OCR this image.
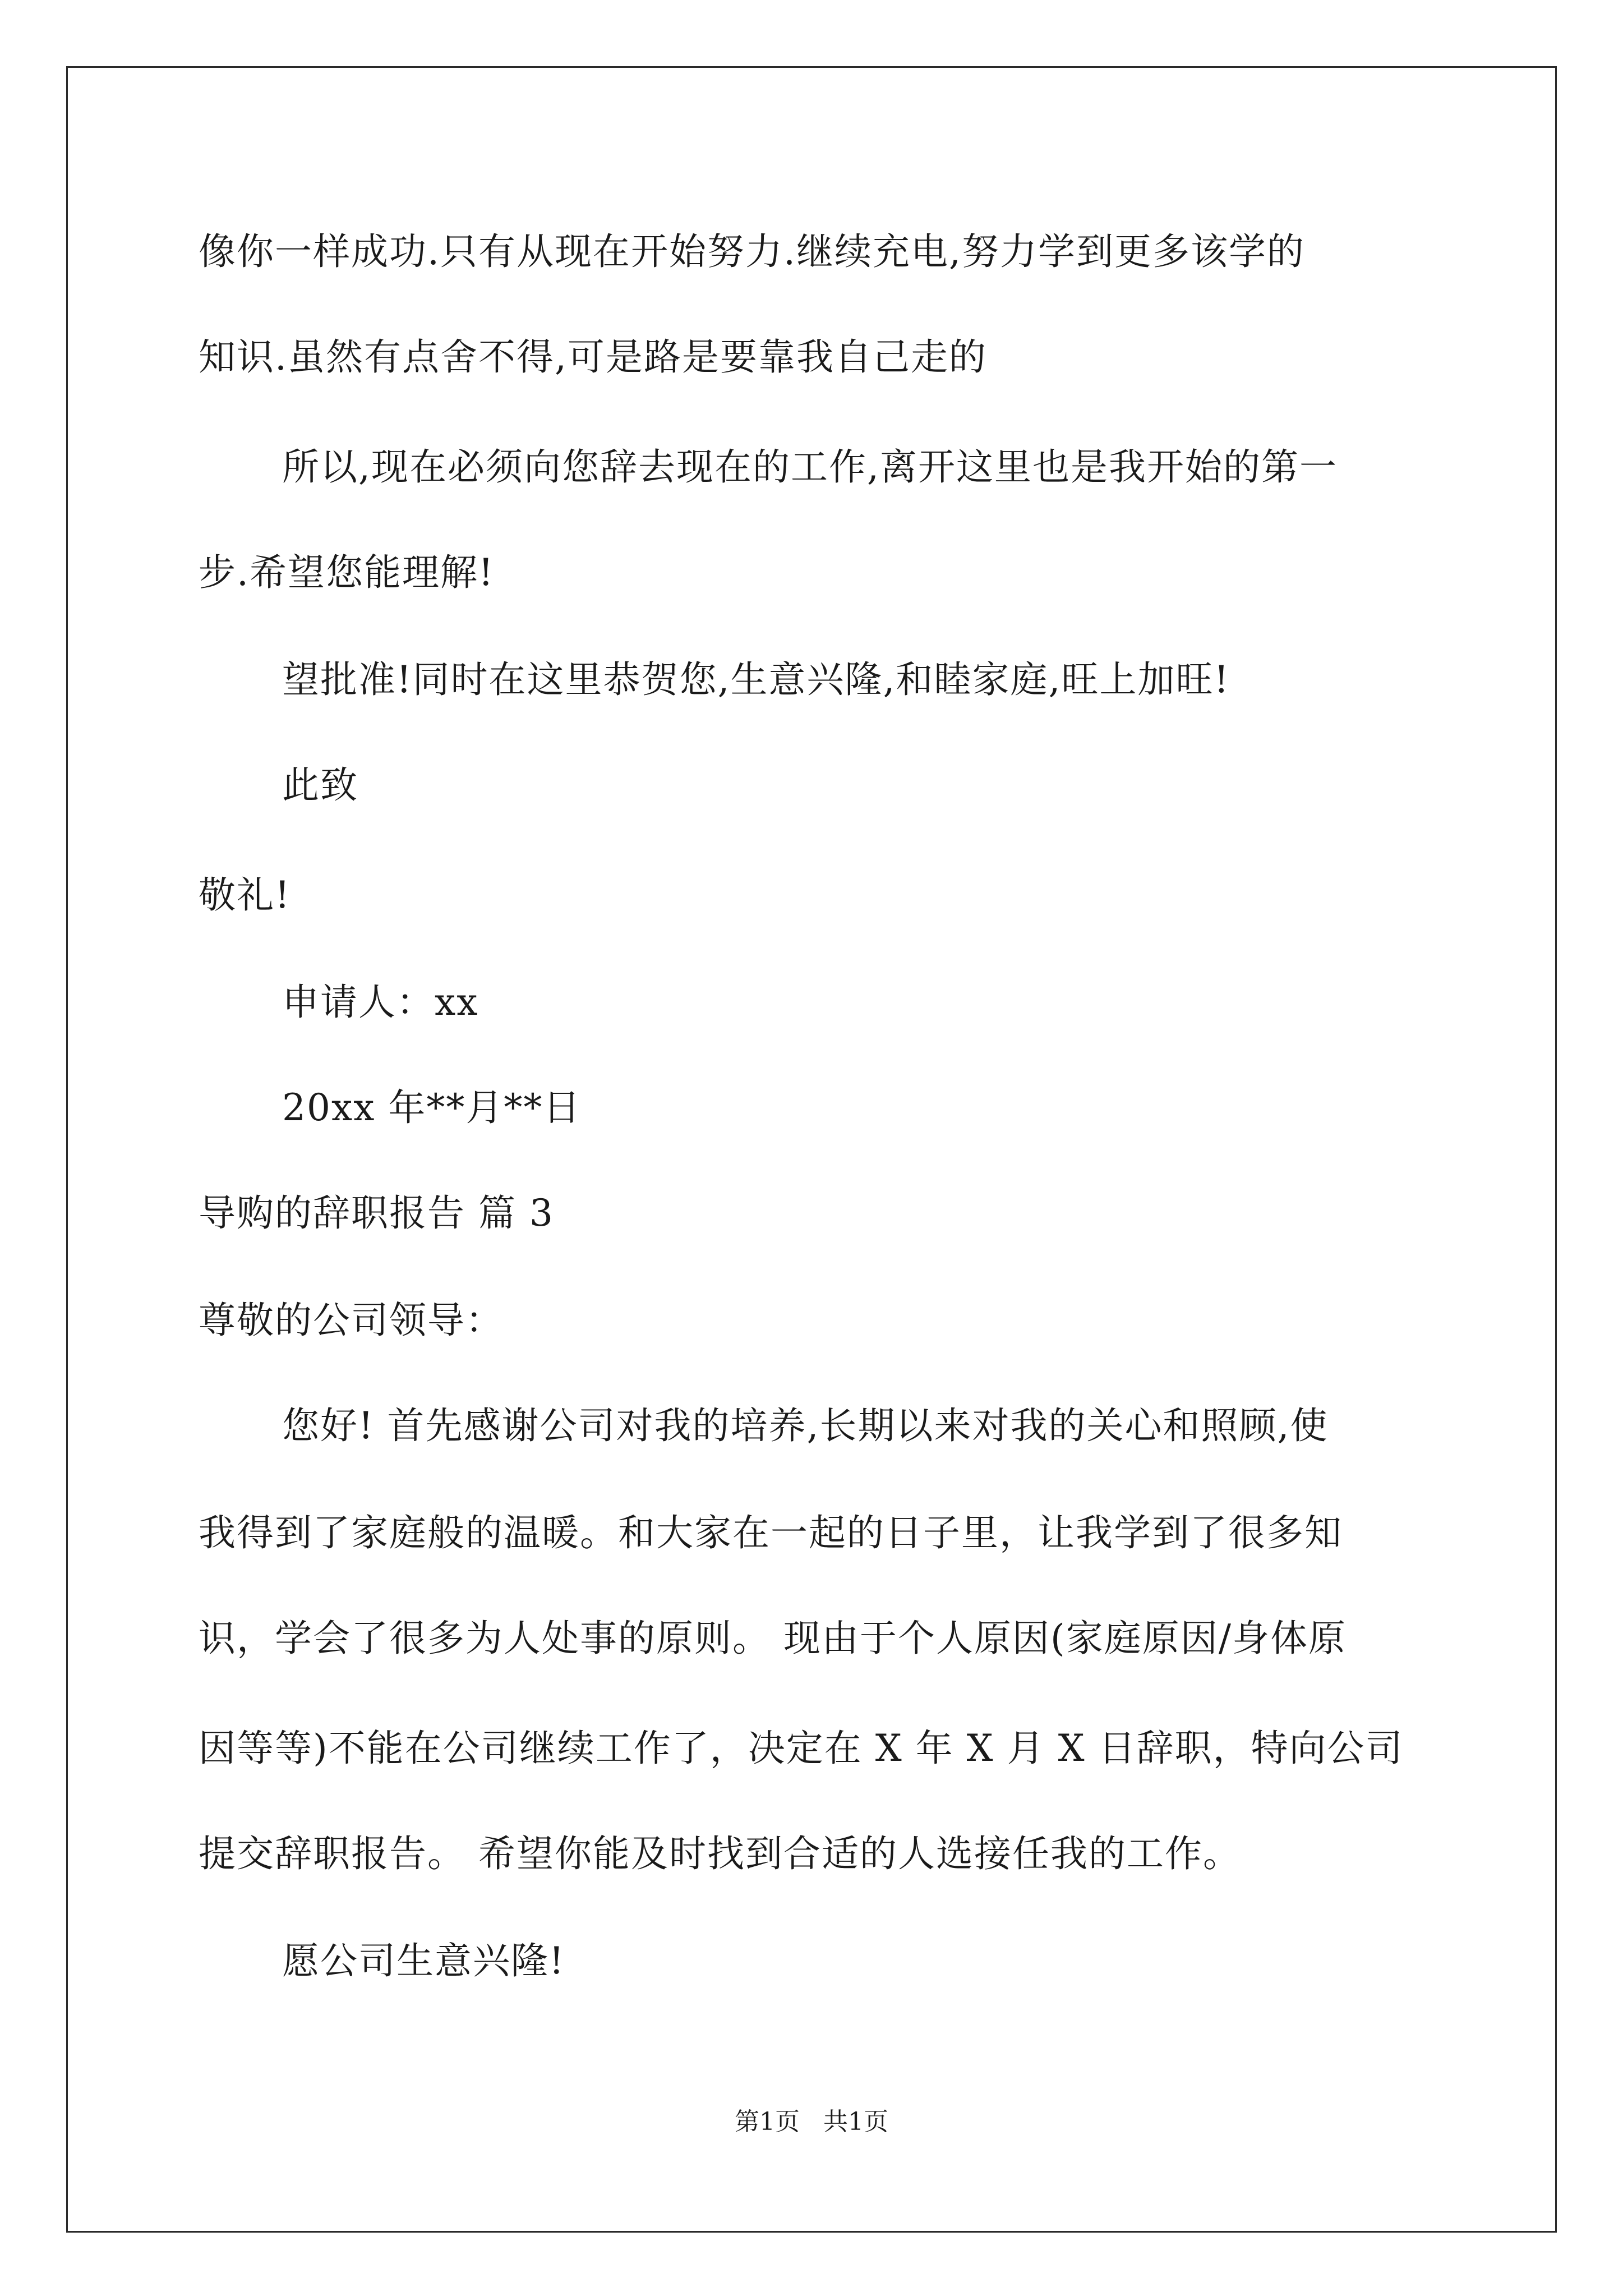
像你一样成功.只有从现在开始努力.继续充电,努力学到更多该学的
知识.虽然有点舍不得,可是路是要靠我自己走的
所以,现在必须向您辞去现在的工作,离开这里也是我开始的第一
步.希望您能理解!
望批准!同时在这里恭贺您,生意兴隆,和睦家庭,旺上加旺!
此致
敬礼!
申请人：xx
20xx 年**月**日
导购的辞职报告 篇 3
尊敬的公司领导：
您好! 首先感谢公司对我的培养,长期以来对我的关心和照顾,使
我得到了家庭般的温暖。和大家在一起的日子里，让我学到了很多知
识，学会了很多为人处事的原则。 现由于个人原因(家庭原因/身体原
因等等)不能在公司继续工作了，决定在 X 年 X 月 X 日辞职，特向公司
提交辞职报告。 希望你能及时找到合适的人选接任我的工作。
愿公司生意兴隆!
第1页   共1页
